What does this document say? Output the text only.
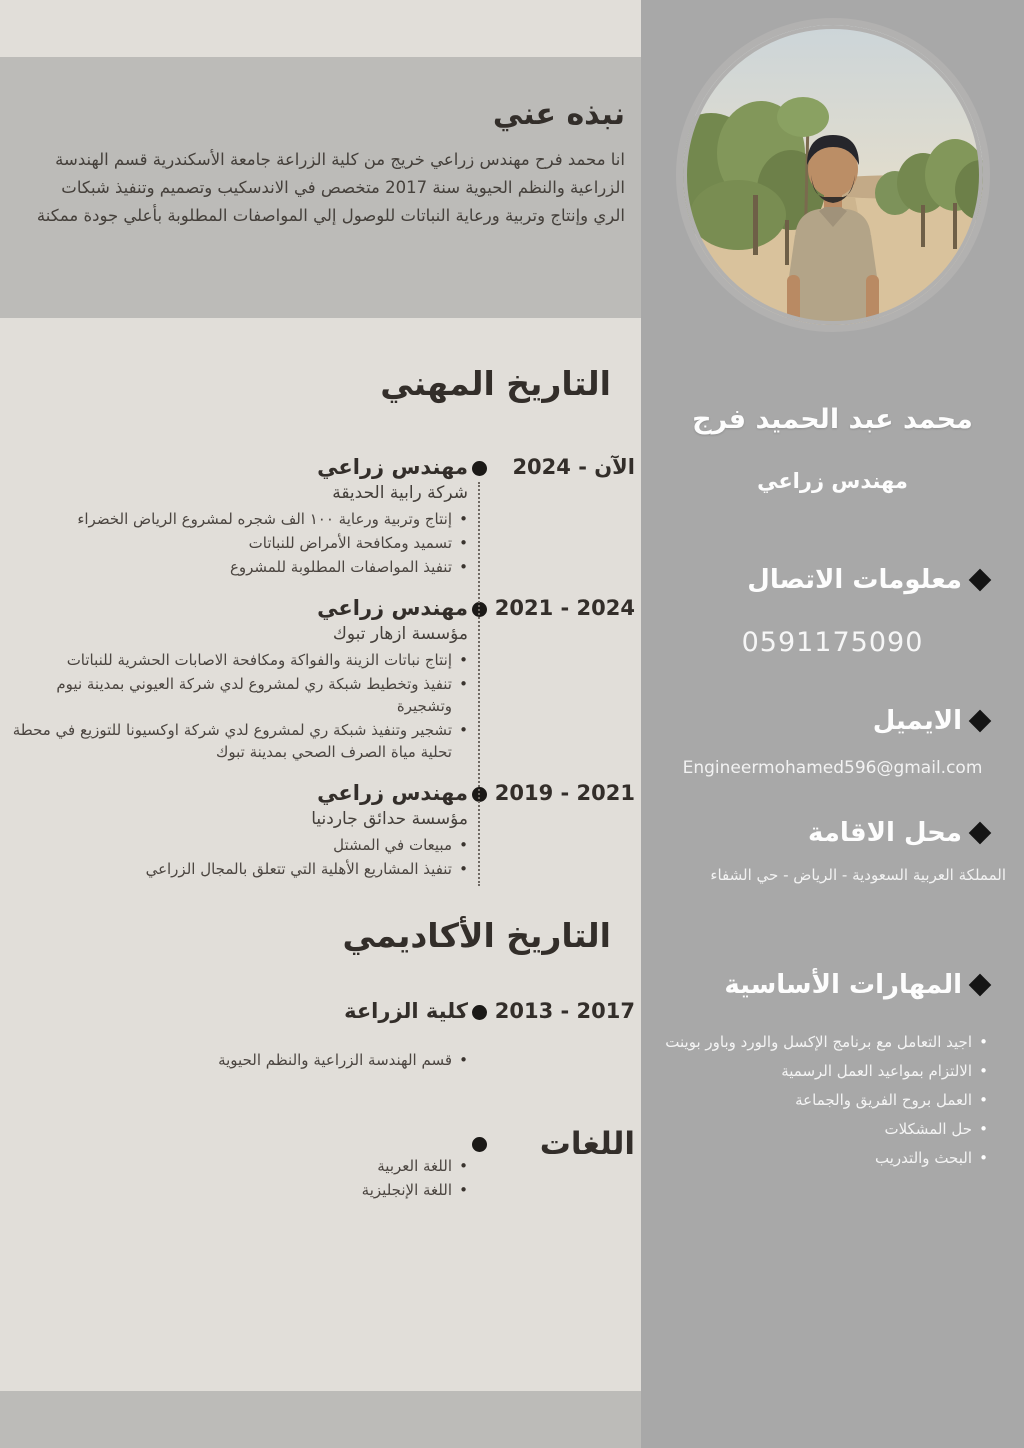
نبذه عني

انا محمد فرح مهندس زراعي خريج من كلية الزراعة جامعة الأسكندرية قسم الهندسة الزراعية والنظم الحيوية سنة 2017 متخصص في الاندسكيب وتصميم وتنفيذ شبكات الري وإنتاج وتربية ورعاية النباتات للوصول إلي المواصفات المطلوبة بأعلي جودة ممكنة

التاريخ المهني
2024 - الآن
مهندس زراعي
شركة رابية الحديقة
• إنتاج وتربية ورعاية ١٠٠ الف شجره لمشروع الرياض الخضراء
• تسميد ومكافحة الأمراض للنباتات
• تنفيذ المواصفات المطلوبة للمشروع
2021 - 2024
مهندس زراعي
مؤسسة ازهار تبوك
• إنتاج نباتات الزينة والفواكة ومكافحة الاصابات الحشرية للنباتات
• تنفيذ وتخطيط شبكة ري لمشروع لدي شركة العيوني بمدينة نيوم وتشجيرة
• تشجير وتنفيذ شبكة ري لمشروع لدي شركة اوكسيونا للتوزيع في محطة تحلية مياة الصرف الصحي بمدينة تبوك
2019 - 2021
مهندس زراعي
مؤسسة حدائق جاردنيا
• مبيعات في المشتل
• تنفيذ المشاريع الأهلية التي تتعلق بالمجال الزراعي
التاريخ الأكاديمي
2013 - 2017
كلية الزراعة
• قسم الهندسة الزراعية والنظم الحيوية
اللغات
• اللغة العربية
• اللغة الإنجليزية
محمد عبد الحميد فرج
مهندس زراعي
معلومات الاتصال
0591175090
الايميل
Engineermohamed596@gmail.com
محل الاقامة
المملكة العربية السعودية - الرياض - حي الشفاء
المهارات الأساسية
• اجيد التعامل مع برنامج الإكسل والورد وباور بوينت
• الالتزام بمواعيد العمل الرسمية
• العمل بروح الفريق والجماعة
• حل المشكلات
• البحث والتدريب
